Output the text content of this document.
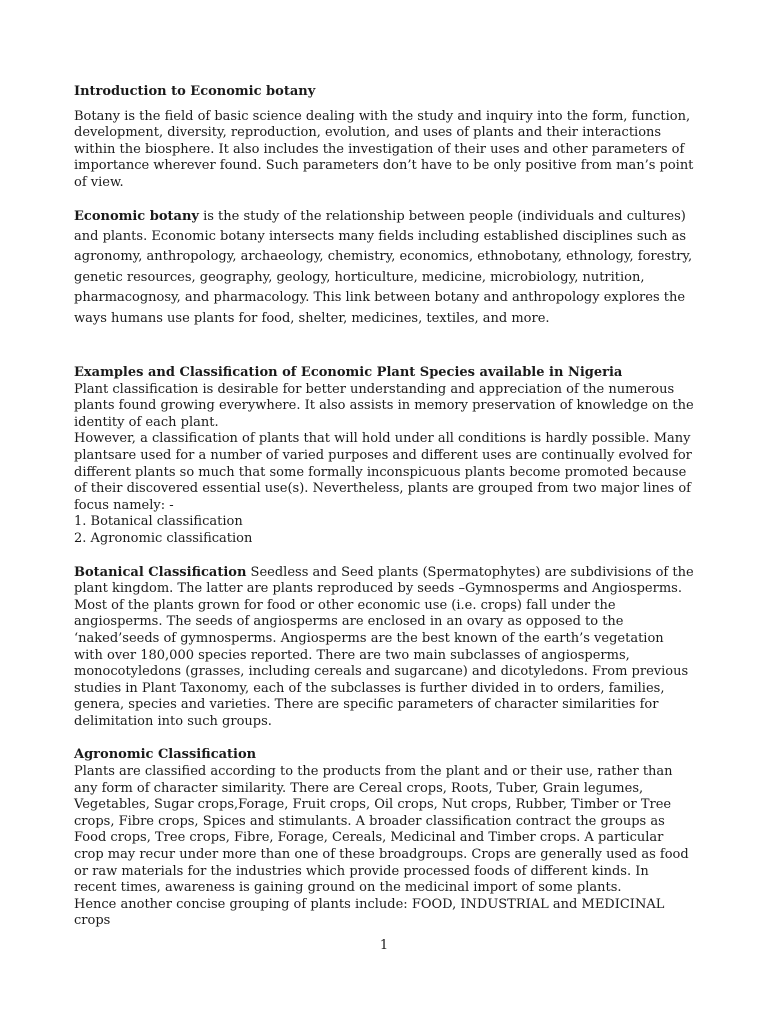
Introduction to Economic botany

Botany is the field of basic science dealing with the study and inquiry into the form, function, development, diversity, reproduction, evolution, and uses of plants and their interactions within the biosphere. It also includes the investigation of their uses and other parameters of importance wherever found. Such parameters don’t have to be only positive from man’s point of view.

Economic botany is the study of the relationship between people (individuals and cultures) and plants. Economic botany intersects many fields including established disciplines such as agronomy, anthropology, archaeology, chemistry, economics, ethnobotany, ethnology, forestry, genetic resources, geography, geology, horticulture, medicine, microbiology, nutrition, pharmacognosy, and pharmacology. This link between botany and anthropology explores the ways humans use plants for food, shelter, medicines, textiles, and more.

Examples and Classification of Economic Plant Species available in Nigeria

Plant classification is desirable for better understanding and appreciation of the numerous plants found growing everywhere. It also assists in memory preservation of knowledge on the identity of each plant.

However, a classification of plants that will hold under all conditions is hardly possible. Many plantsare used for a number of varied purposes and different uses are continually evolved for different plants so much that some formally inconspicuous plants become promoted because of their discovered essential use(s). Nevertheless, plants are grouped from two major lines of focus namely: -

1. Botanical classification
2. Agronomic classification

Botanical Classification Seedless and Seed plants (Spermatophytes) are subdivisions of the plant kingdom. The latter are plants reproduced by seeds –Gymnosperms and Angiosperms. Most of the plants grown for food or other economic use (i.e. crops) fall under the angiosperms. The seeds of angiosperms are enclosed in an ovary as opposed to the ‘naked’seeds of gymnosperms. Angiosperms are the best known of the earth’s vegetation with over 180,000 species reported. There are two main subclasses of angiosperms, monocotyledons (grasses, including cereals and sugarcane) and dicotyledons. From previous studies in Plant Taxonomy, each of the subclasses is further divided in to orders, families, genera, species and varieties. There are specific parameters of character similarities for delimitation into such groups.

Agronomic Classification

Plants are classified according to the products from the plant and or their use, rather than any form of character similarity. There are Cereal crops, Roots, Tuber, Grain legumes, Vegetables, Sugar crops,Forage, Fruit crops, Oil crops, Nut crops, Rubber, Timber or Tree crops, Fibre crops, Spices and stimulants. A broader classification contract the groups as Food crops, Tree crops, Fibre, Forage, Cereals, Medicinal and Timber crops. A particular crop may recur under more than one of these broadgroups. Crops are generally used as food or raw materials for the industries which provide processed foods of different kinds. In recent times, awareness is gaining ground on the medicinal import of some plants.

Hence another concise grouping of plants include: FOOD, INDUSTRIAL and MEDICINAL crops

1
